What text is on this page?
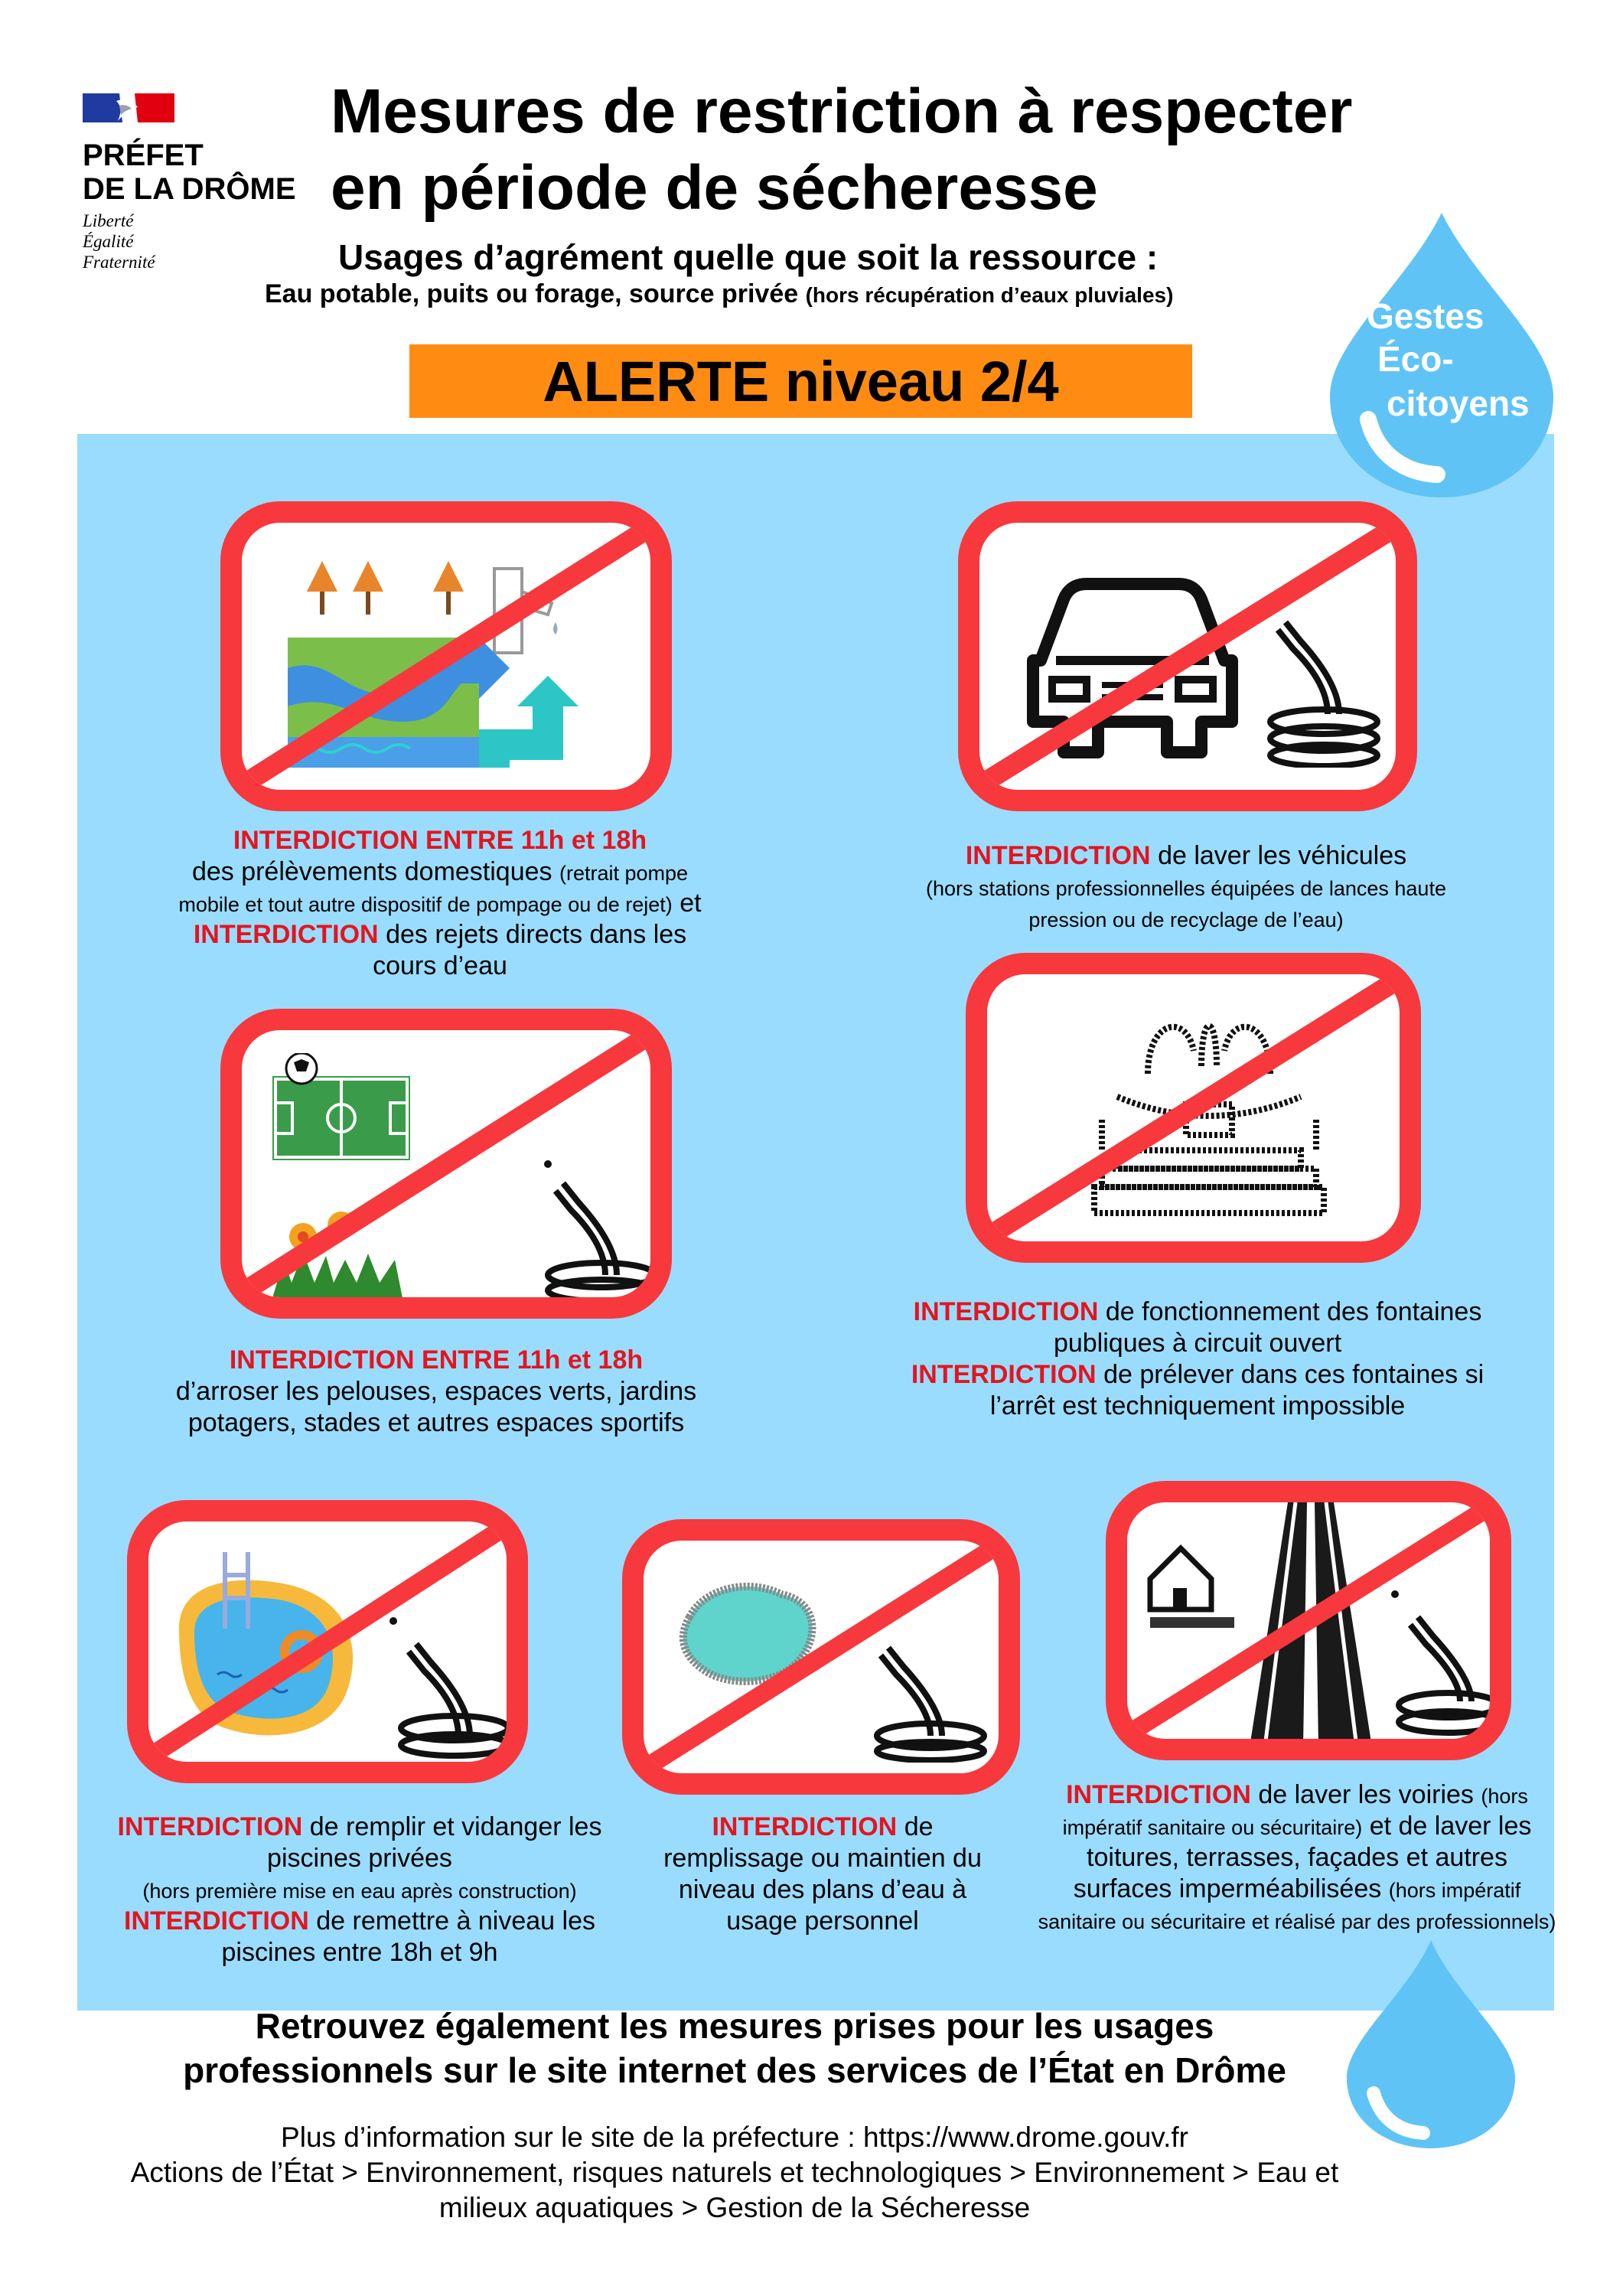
PRÉFET
DE LA DRÔME
Liberté
Égalité
Fraternité
Mesures de restriction à respecter
en période de sécheresse
Usages d’agrément quelle que soit la ressource :
Eau potable, puits ou forage, source privée (hors récupération d’eaux pluviales)
ALERTE niveau 2/4
Gestes
Éco-
citoyens
INTERDICTION ENTRE 11h et 18h
des prélèvements domestiques (retrait pompe mobile et tout autre dispositif de pompage ou de rejet) et INTERDICTION des rejets directs dans les cours d’eau
INTERDICTION de laver les véhicules
(hors stations professionnelles équipées de lances haute pression ou de recyclage de l’eau)
INTERDICTION ENTRE 11h et 18h
d’arroser les pelouses, espaces verts, jardins potagers, stades et autres espaces sportifs
INTERDICTION de fonctionnement des fontaines publiques à circuit ouvert
INTERDICTION de prélever dans ces fontaines si l’arrêt est techniquement impossible
INTERDICTION de remplir et vidanger les piscines privées
(hors première mise en eau après construction)
INTERDICTION de remettre à niveau les piscines entre 18h et 9h
INTERDICTION de remplissage ou maintien du niveau des plans d’eau à usage personnel
INTERDICTION de laver les voiries (hors impératif sanitaire ou sécuritaire) et de laver les toitures, terrasses, façades et autres surfaces imperméabilisées (hors impératif sanitaire ou sécuritaire et réalisé par des professionnels)
Retrouvez également les mesures prises pour les usages
professionnels sur le site internet des services de l’État en Drôme
Plus d’information sur le site de la préfecture : https://www.drome.gouv.fr
Actions de l’État > Environnement, risques naturels et technologiques > Environnement > Eau et
milieux aquatiques > Gestion de la Sécheresse
